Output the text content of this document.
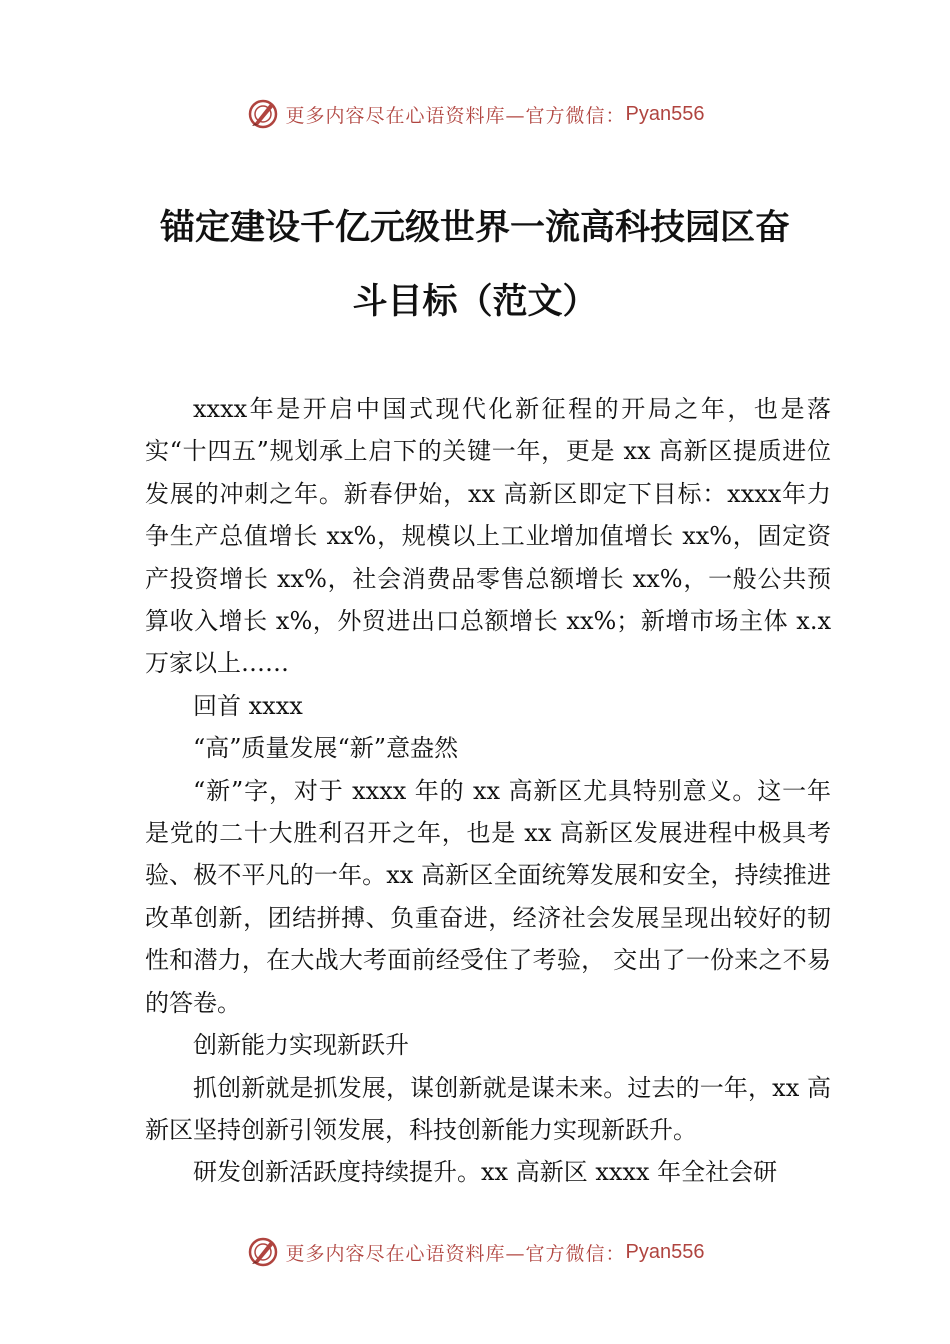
更多内容尽在心语资料库—官方微信： Pyan556
锚定建设千亿元级世界一流高科技园区奋
斗目标（范文）

xxxx年是开启中国式现代化新征程的开局之年，也是落实“十四五”规划承上启下的关键一年，更是 xx 高新区提质进位发展的冲刺之年。新春伊始，xx 高新区即定下目标：xxxx年力争生产总值增长 xx%，规模以上工业增加值增长 xx%，固定资产投资增长 xx%，社会消费品零售总额增长 xx%，一般公共预算收入增长 x%，外贸进出口总额增长 xx%；新增市场主体 x.x 万家以上……

回首 xxxx

“高”质量发展“新”意盎然

“新”字，对于 xxxx 年的 xx 高新区尤具特别意义。这一年是党的二十大胜利召开之年，也是 xx 高新区发展进程中极具考验、极不平凡的一年。xx 高新区全面统筹发展和安全，持续推进改革创新，团结拼搏、负重奋进，经济社会发展呈现出较好的韧性和潜力，在大战大考面前经受住了考验， 交出了一份来之不易的答卷。

创新能力实现新跃升

抓创新就是抓发展，谋创新就是谋未来。过去的一年，xx 高新区坚持创新引领发展，科技创新能力实现新跃升。

研发创新活跃度持续提升。xx 高新区 xxxx 年全社会研

更多内容尽在心语资料库—官方微信： Pyan556
